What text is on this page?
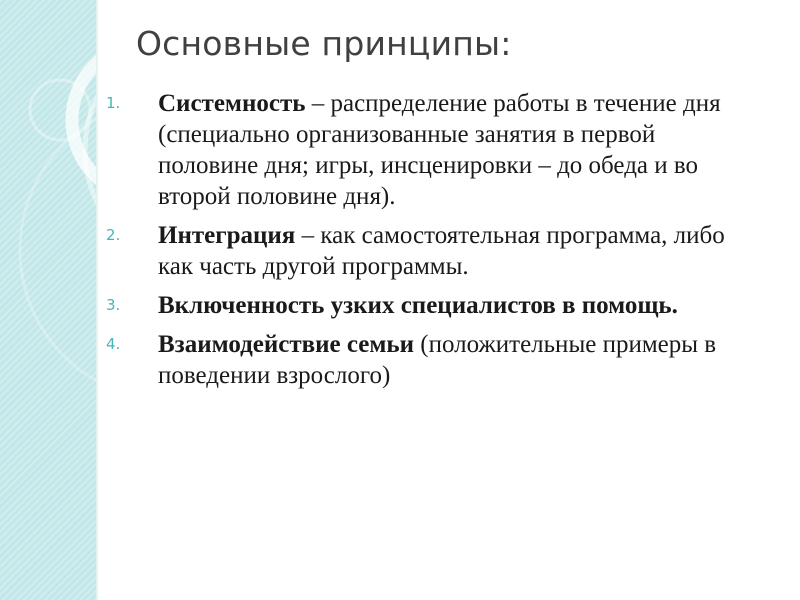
Основные принципы:
1. Системность – распределение работы в течение дня (специально организованные занятия в первой половине дня; игры, инсценировки – до обеда и во второй половине дня).
2. Интеграция – как самостоятельная программа, либо как часть другой программы.
3. Включенность узких специалистов в помощь.
4. Взаимодействие семьи (положительные примеры в поведении взрослого)
